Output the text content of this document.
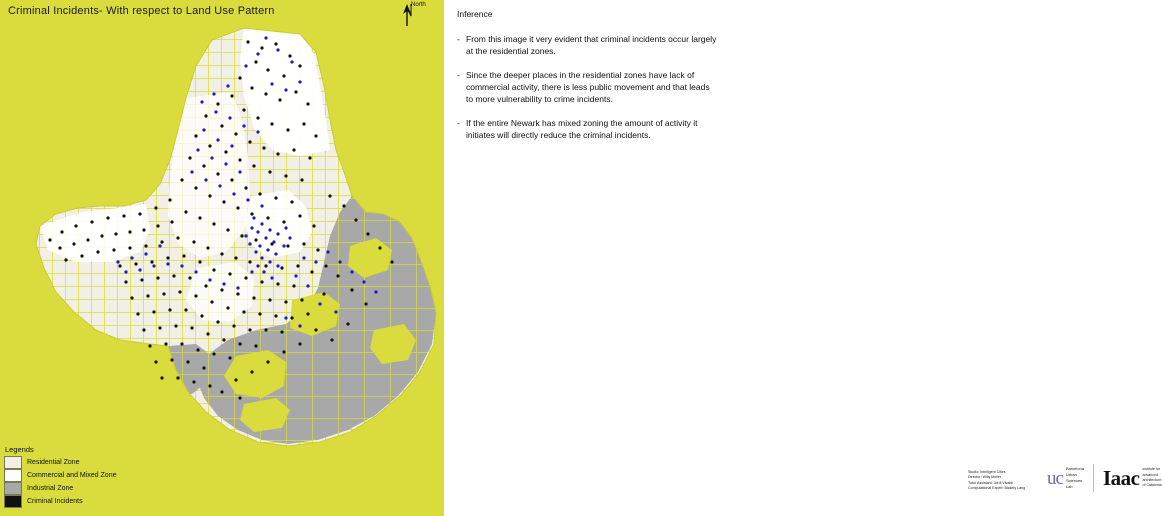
Criminal Incidents- With respect to Land Use Pattern	North
Legends
Residential Zone
Commercial and Mixed Zone
Industrial Zone
Criminal Incidents
Inference
- From this image it very evident that criminal incidents occur largely at the residential zones.
- Since the deeper places in the residential zones have lack of commercial activity, there is less public movement and that leads to more vulnerability to crime incidents.
- If the entire Newark has mixed zoning the amount of activity it initiates will directly reduce the criminal incidents.
Studio: Intelligent Cities
Director: Willy Muller
Tutor Assistant: Jordi Vivaldi
Computational Expert: Blakely Lang	uс Barcelona
Urban
Sciences
Lab	Iaac institute for
advanced
architecture
of Catalonia
